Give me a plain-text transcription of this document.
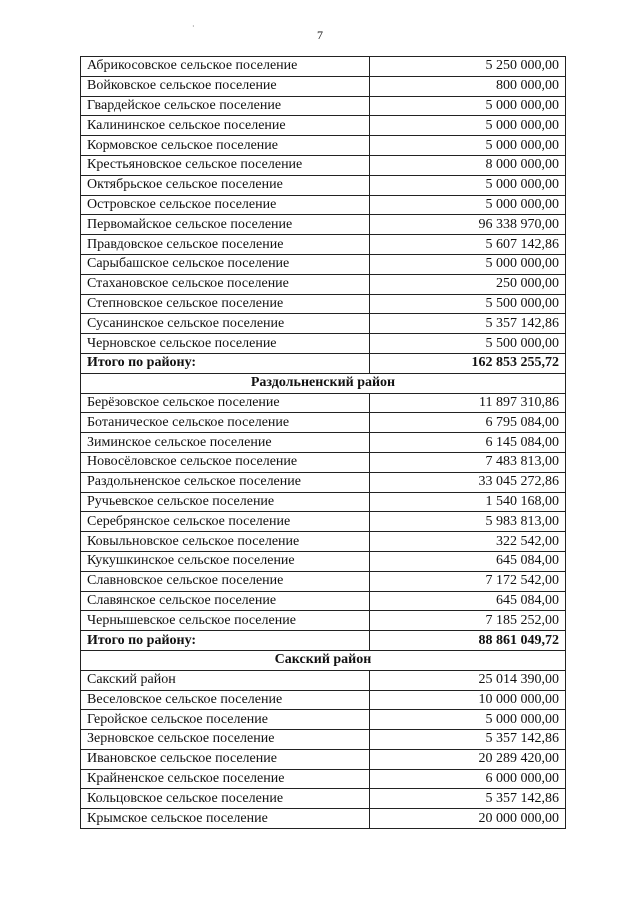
·
7
Абрикосовское сельское поселение	5 250 000,00
Войковское сельское поселение	800 000,00
Гвардейское сельское поселение	5 000 000,00
Калининское сельское поселение	5 000 000,00
Кормовское сельское поселение	5 000 000,00
Крестьяновское сельское поселение	8 000 000,00
Октябрьское сельское поселение	5 000 000,00
Островское сельское поселение	5 000 000,00
Первомайское сельское поселение	96 338 970,00
Правдовское сельское поселение	5 607 142,86
Сарыбашское сельское поселение	5 000 000,00
Стахановское сельское поселение	250 000,00
Степновское сельское поселение	5 500 000,00
Сусанинское сельское поселение	5 357 142,86
Черновское сельское поселение	5 500 000,00
Итого по району:	162 853 255,72
Раздольненский район	
Берёзовское сельское поселение	11 897 310,86
Ботаническое сельское поселение	6 795 084,00
Зиминское сельское поселение	6 145 084,00
Новосёловское сельское поселение	7 483 813,00
Раздольненское сельское поселение	33 045 272,86
Ручьевское сельское поселение	1 540 168,00
Серебрянское сельское поселение	5 983 813,00
Ковыльновское сельское поселение	322 542,00
Кукушкинское сельское поселение	645 084,00
Славновское сельское поселение	7 172 542,00
Славянское сельское поселение	645 084,00
Чернышевское сельское поселение	7 185 252,00
Итого по району:	88 861 049,72
Сакский район	
Сакский район	25 014 390,00
Веселовское сельское поселение	10 000 000,00
Геройское сельское поселение	5 000 000,00
Зерновское сельское поселение	5 357 142,86
Ивановское сельское поселение	20 289 420,00
Крайненское сельское поселение	6 000 000,00
Кольцовское сельское поселение	5 357 142,86
Крымское сельское поселение	20 000 000,00
